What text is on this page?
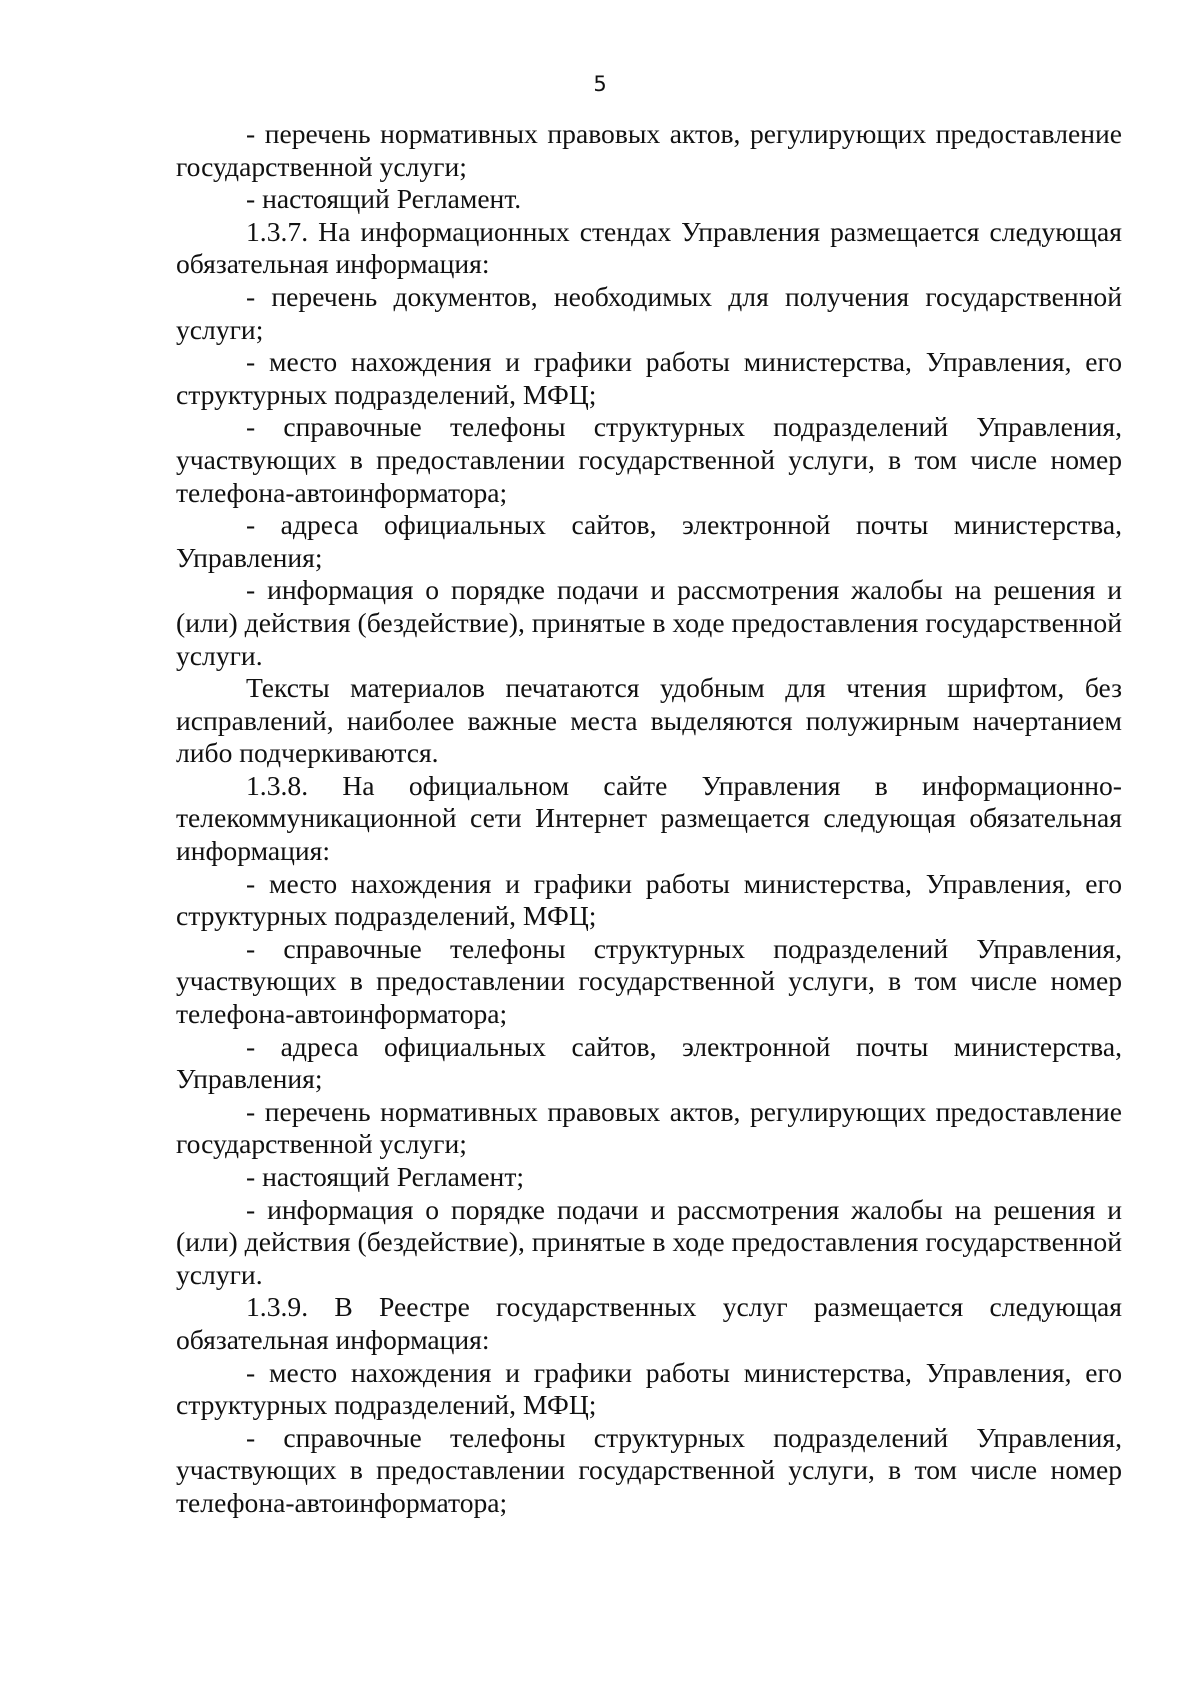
5

- перечень нормативных правовых актов, регулирующих предоставление государственной услуги;

- настоящий Регламент.

1.3.7. На информационных стендах Управления размещается следующая обязательная информация:

- перечень документов, необходимых для получения государственной услуги;

- место нахождения и графики работы министерства, Управления, его структурных подразделений, МФЦ;

- справочные телефоны структурных подразделений Управления, участвующих в предоставлении государственной услуги, в том числе номер телефона-автоинформатора;

- адреса официальных сайтов, электронной почты министерства, Управления;

- информация о порядке подачи и рассмотрения жалобы на решения и (или) действия (бездействие), принятые в ходе предоставления государственной услуги.

Тексты материалов печатаются удобным для чтения шрифтом, без исправлений, наиболее важные места выделяются полужирным начертанием либо подчеркиваются.

1.3.8. На официальном сайте Управления в информационно-телекоммуникационной сети Интернет размещается следующая обязательная информация:

- место нахождения и графики работы министерства, Управления, его структурных подразделений, МФЦ;

- справочные телефоны структурных подразделений Управления, участвующих в предоставлении государственной услуги, в том числе номер телефона-автоинформатора;

- адреса официальных сайтов, электронной почты министерства, Управления;

- перечень нормативных правовых актов, регулирующих предоставление государственной услуги;

- настоящий Регламент;

- информация о порядке подачи и рассмотрения жалобы на решения и (или) действия (бездействие), принятые в ходе предоставления государственной услуги.

1.3.9. В Реестре государственных услуг размещается следующая обязательная информация:

- место нахождения и графики работы министерства, Управления, его структурных подразделений, МФЦ;

- справочные телефоны структурных подразделений Управления, участвующих в предоставлении государственной услуги, в том числе номер телефона-автоинформатора;
